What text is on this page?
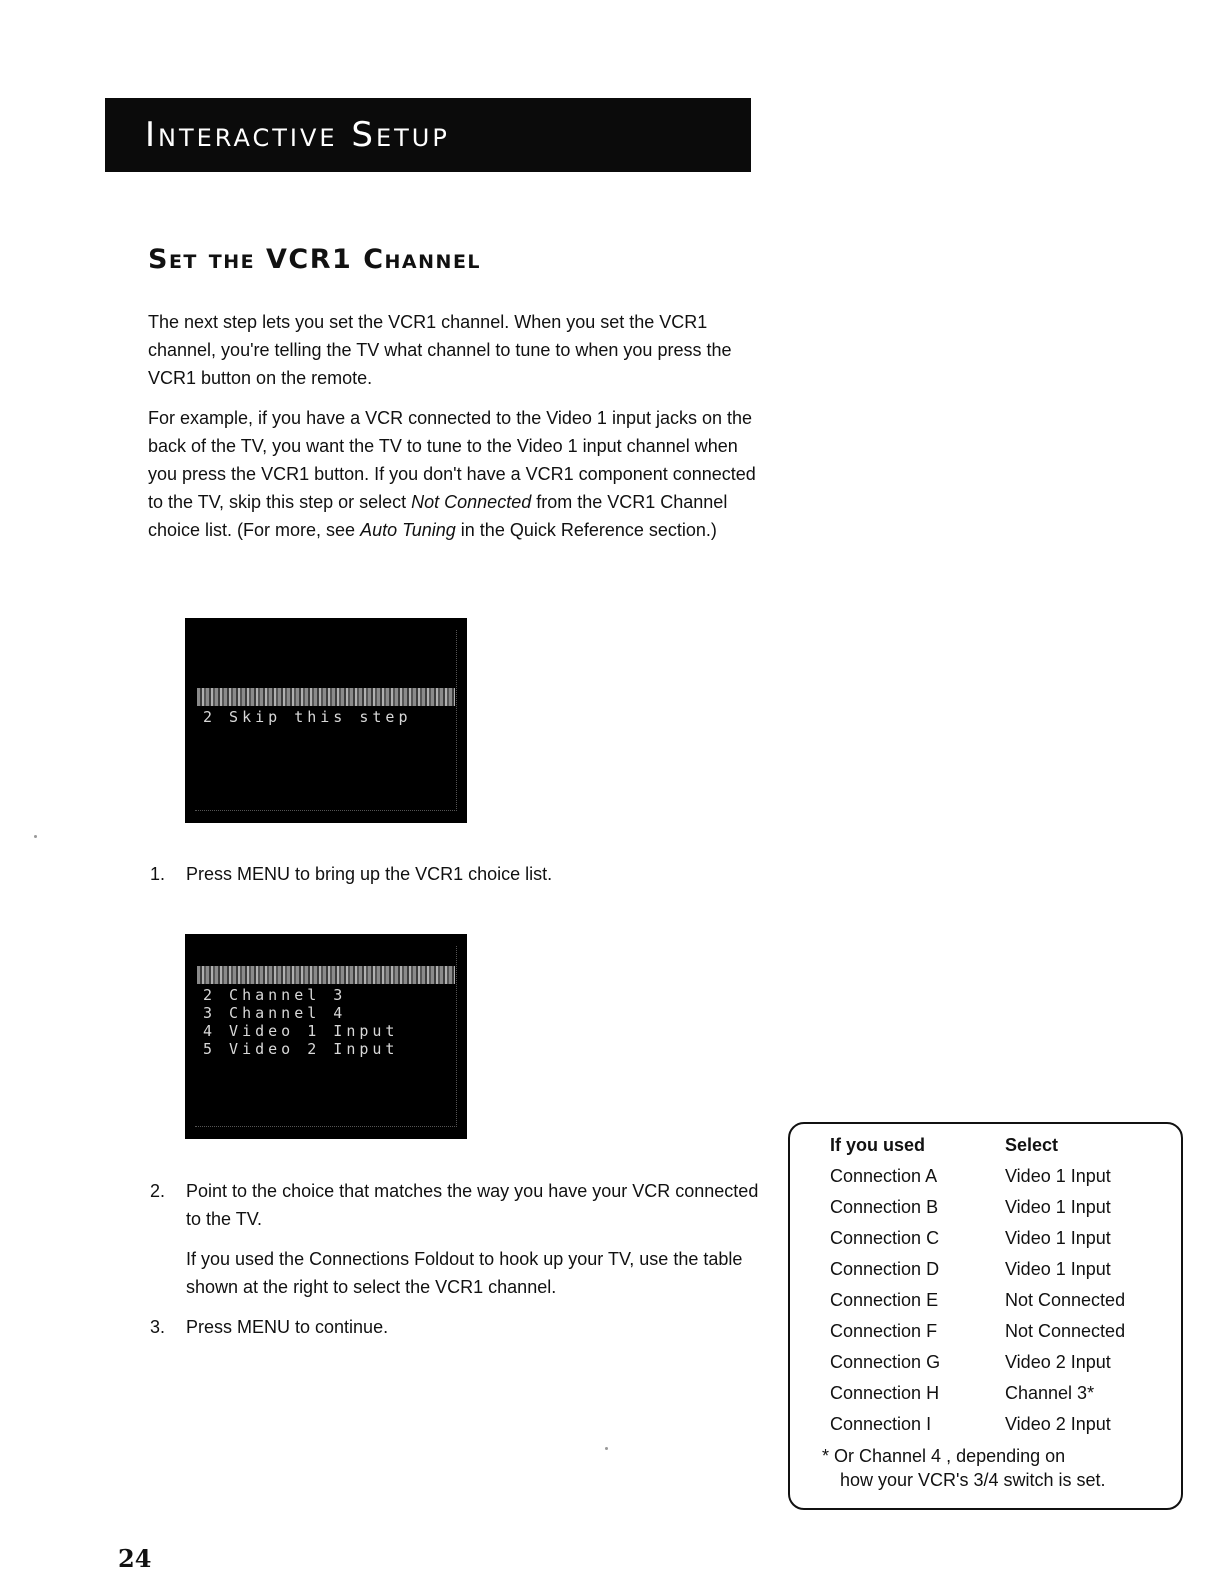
Interactive Setup
Set the VCR1 Channel

The next step lets you set the VCR1 channel. When you set the VCR1 channel, you're telling the TV what channel to tune to when you press the VCR1 button on the remote.

For example, if you have a VCR connected to the Video 1 input jacks on the back of the TV, you want the TV to tune to the Video 1 input channel when you press the VCR1 button. If you don't have a VCR1 component connected to the TV, skip this step or select Not Connected from the VCR1 Channel choice list. (For more, see Auto Tuning in the Quick Reference section.)

2 Skip this step
1. Press MENU to bring up the VCR1 choice list.
2 Channel 3
3 Channel 4
4 Video 1 Input
5 Video 2 Input
2. Point to the choice that matches the way you have your VCR connected to the TV.
If you used the Connections Foldout to hook up your TV, use the table shown at the right to select the VCR1 channel.
3. Press MENU to continue.
If you used	Select
Connection A	Video 1 Input
Connection B	Video 1 Input
Connection C	Video 1 Input
Connection D	Video 1 Input
Connection E	Not Connected
Connection F	Not Connected
Connection G	Video 2 Input
Connection H	Channel 3*
Connection I	Video 2 Input
* Or Channel 4 , depending on
how your VCR's 3/4 switch is set.
24
